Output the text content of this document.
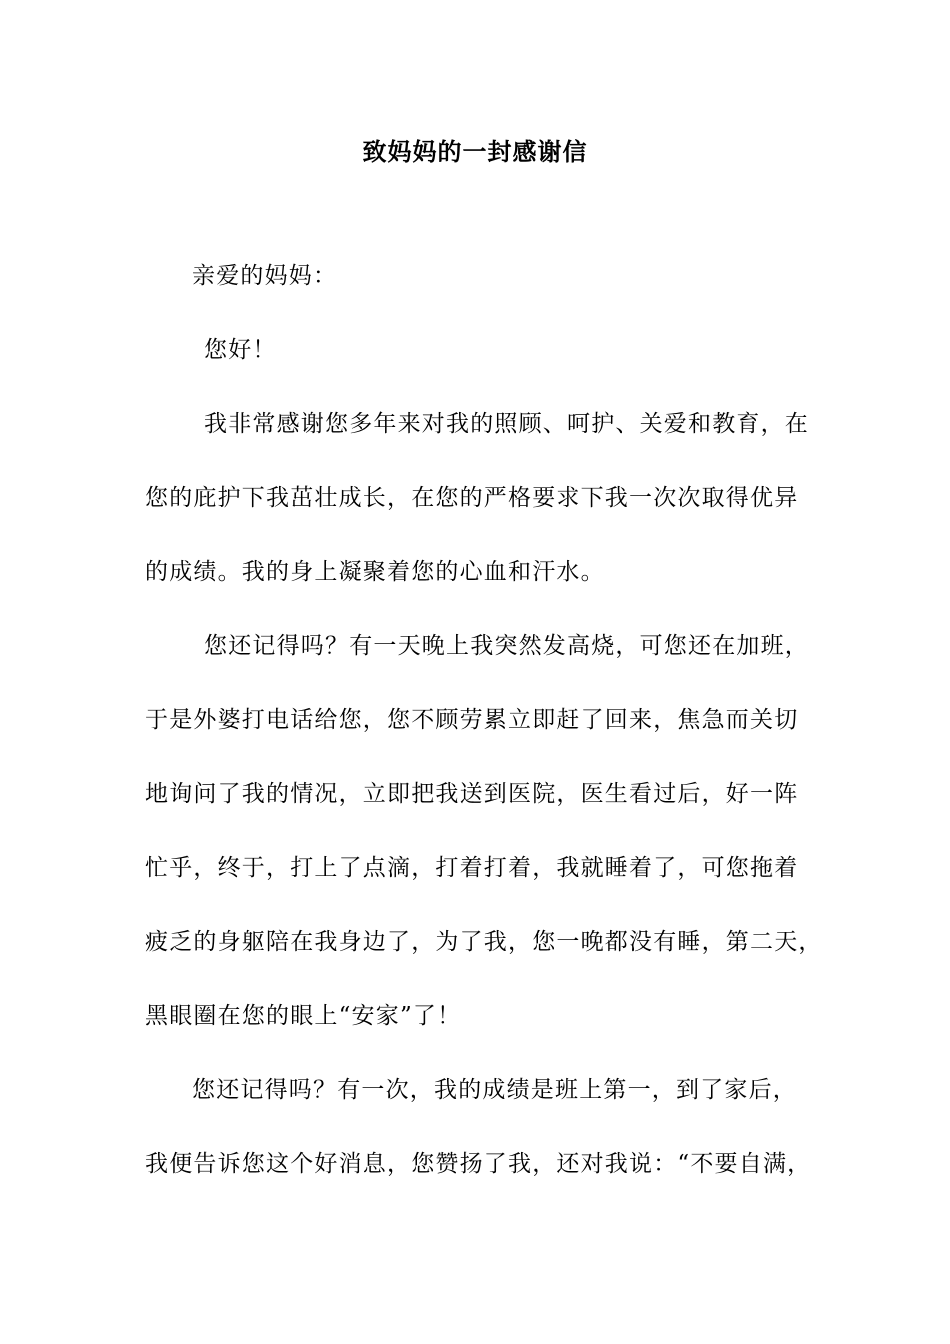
致妈妈的一封感谢信
亲爱的妈妈：
您好！
我非常感谢您多年来对我的照顾、呵护、关爱和教育，在
您的庇护下我茁壮成长，在您的严格要求下我一次次取得优异
的成绩。我的身上凝聚着您的心血和汗水。
您还记得吗？有一天晚上我突然发高烧，可您还在加班，
于是外婆打电话给您，您不顾劳累立即赶了回来，焦急而关切
地询问了我的情况，立即把我送到医院，医生看过后，好一阵
忙乎，终于，打上了点滴，打着打着，我就睡着了，可您拖着
疲乏的身躯陪在我身边了，为了我，您一晚都没有睡，第二天，
黑眼圈在您的眼上“安家”了！
您还记得吗？有一次，我的成绩是班上第一，到了家后，
我便告诉您这个好消息，您赞扬了我，还对我说：“不要自满，
